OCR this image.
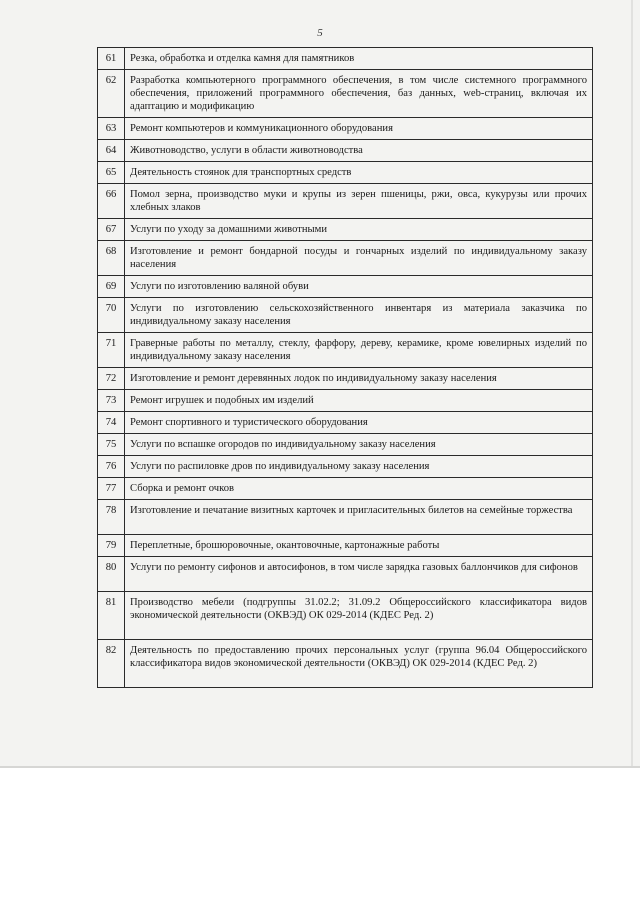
5
61	Резка, обработка и отделка камня для памятников
62	Разработка компьютерного программного обеспечения, в том числе системного программного обеспечения, приложений программного обеспечения, баз данных, web-страниц, включая их адаптацию и модификацию
63	Ремонт компьютеров и коммуникационного оборудования
64	Животноводство, услуги в области животноводства
65	Деятельность стоянок для транспортных средств
66	Помол зерна, производство муки и крупы из зерен пшеницы, ржи, овса, кукурузы или прочих хлебных злаков
67	Услуги по уходу за домашними животными
68	Изготовление и ремонт бондарной посуды и гончарных изделий по индивидуальному заказу населения
69	Услуги по изготовлению валяной обуви
70	Услуги по изготовлению сельскохозяйственного инвентаря из материала заказчика по индивидуальному заказу населения
71	Граверные работы по металлу, стеклу, фарфору, дереву, керамике, кроме ювелирных изделий по индивидуальному заказу населения
72	Изготовление и ремонт деревянных лодок по индивидуальному заказу населения
73	Ремонт игрушек и подобных им изделий
74	Ремонт спортивного и туристического оборудования
75	Услуги по вспашке огородов по индивидуальному заказу населения
76	Услуги по распиловке дров по индивидуальному заказу населения
77	Сборка и ремонт очков
78	Изготовление и печатание визитных карточек и пригласительных билетов на семейные торжества
79	Переплетные, брошюровочные, окантовочные, картонажные работы
80	Услуги по ремонту сифонов и автосифонов, в том числе зарядка газовых баллончиков для сифонов
81	Производство мебели (подгруппы 31.02.2; 31.09.2 Общероссийского классификатора видов экономической деятельности (ОКВЭД) ОК 029-2014 (КДЕС Ред. 2)
82	Деятельность по предоставлению прочих персональных услуг (группа 96.04 Общероссийского классификатора видов экономической деятельности (ОКВЭД) ОК 029-2014 (КДЕС Ред. 2)
